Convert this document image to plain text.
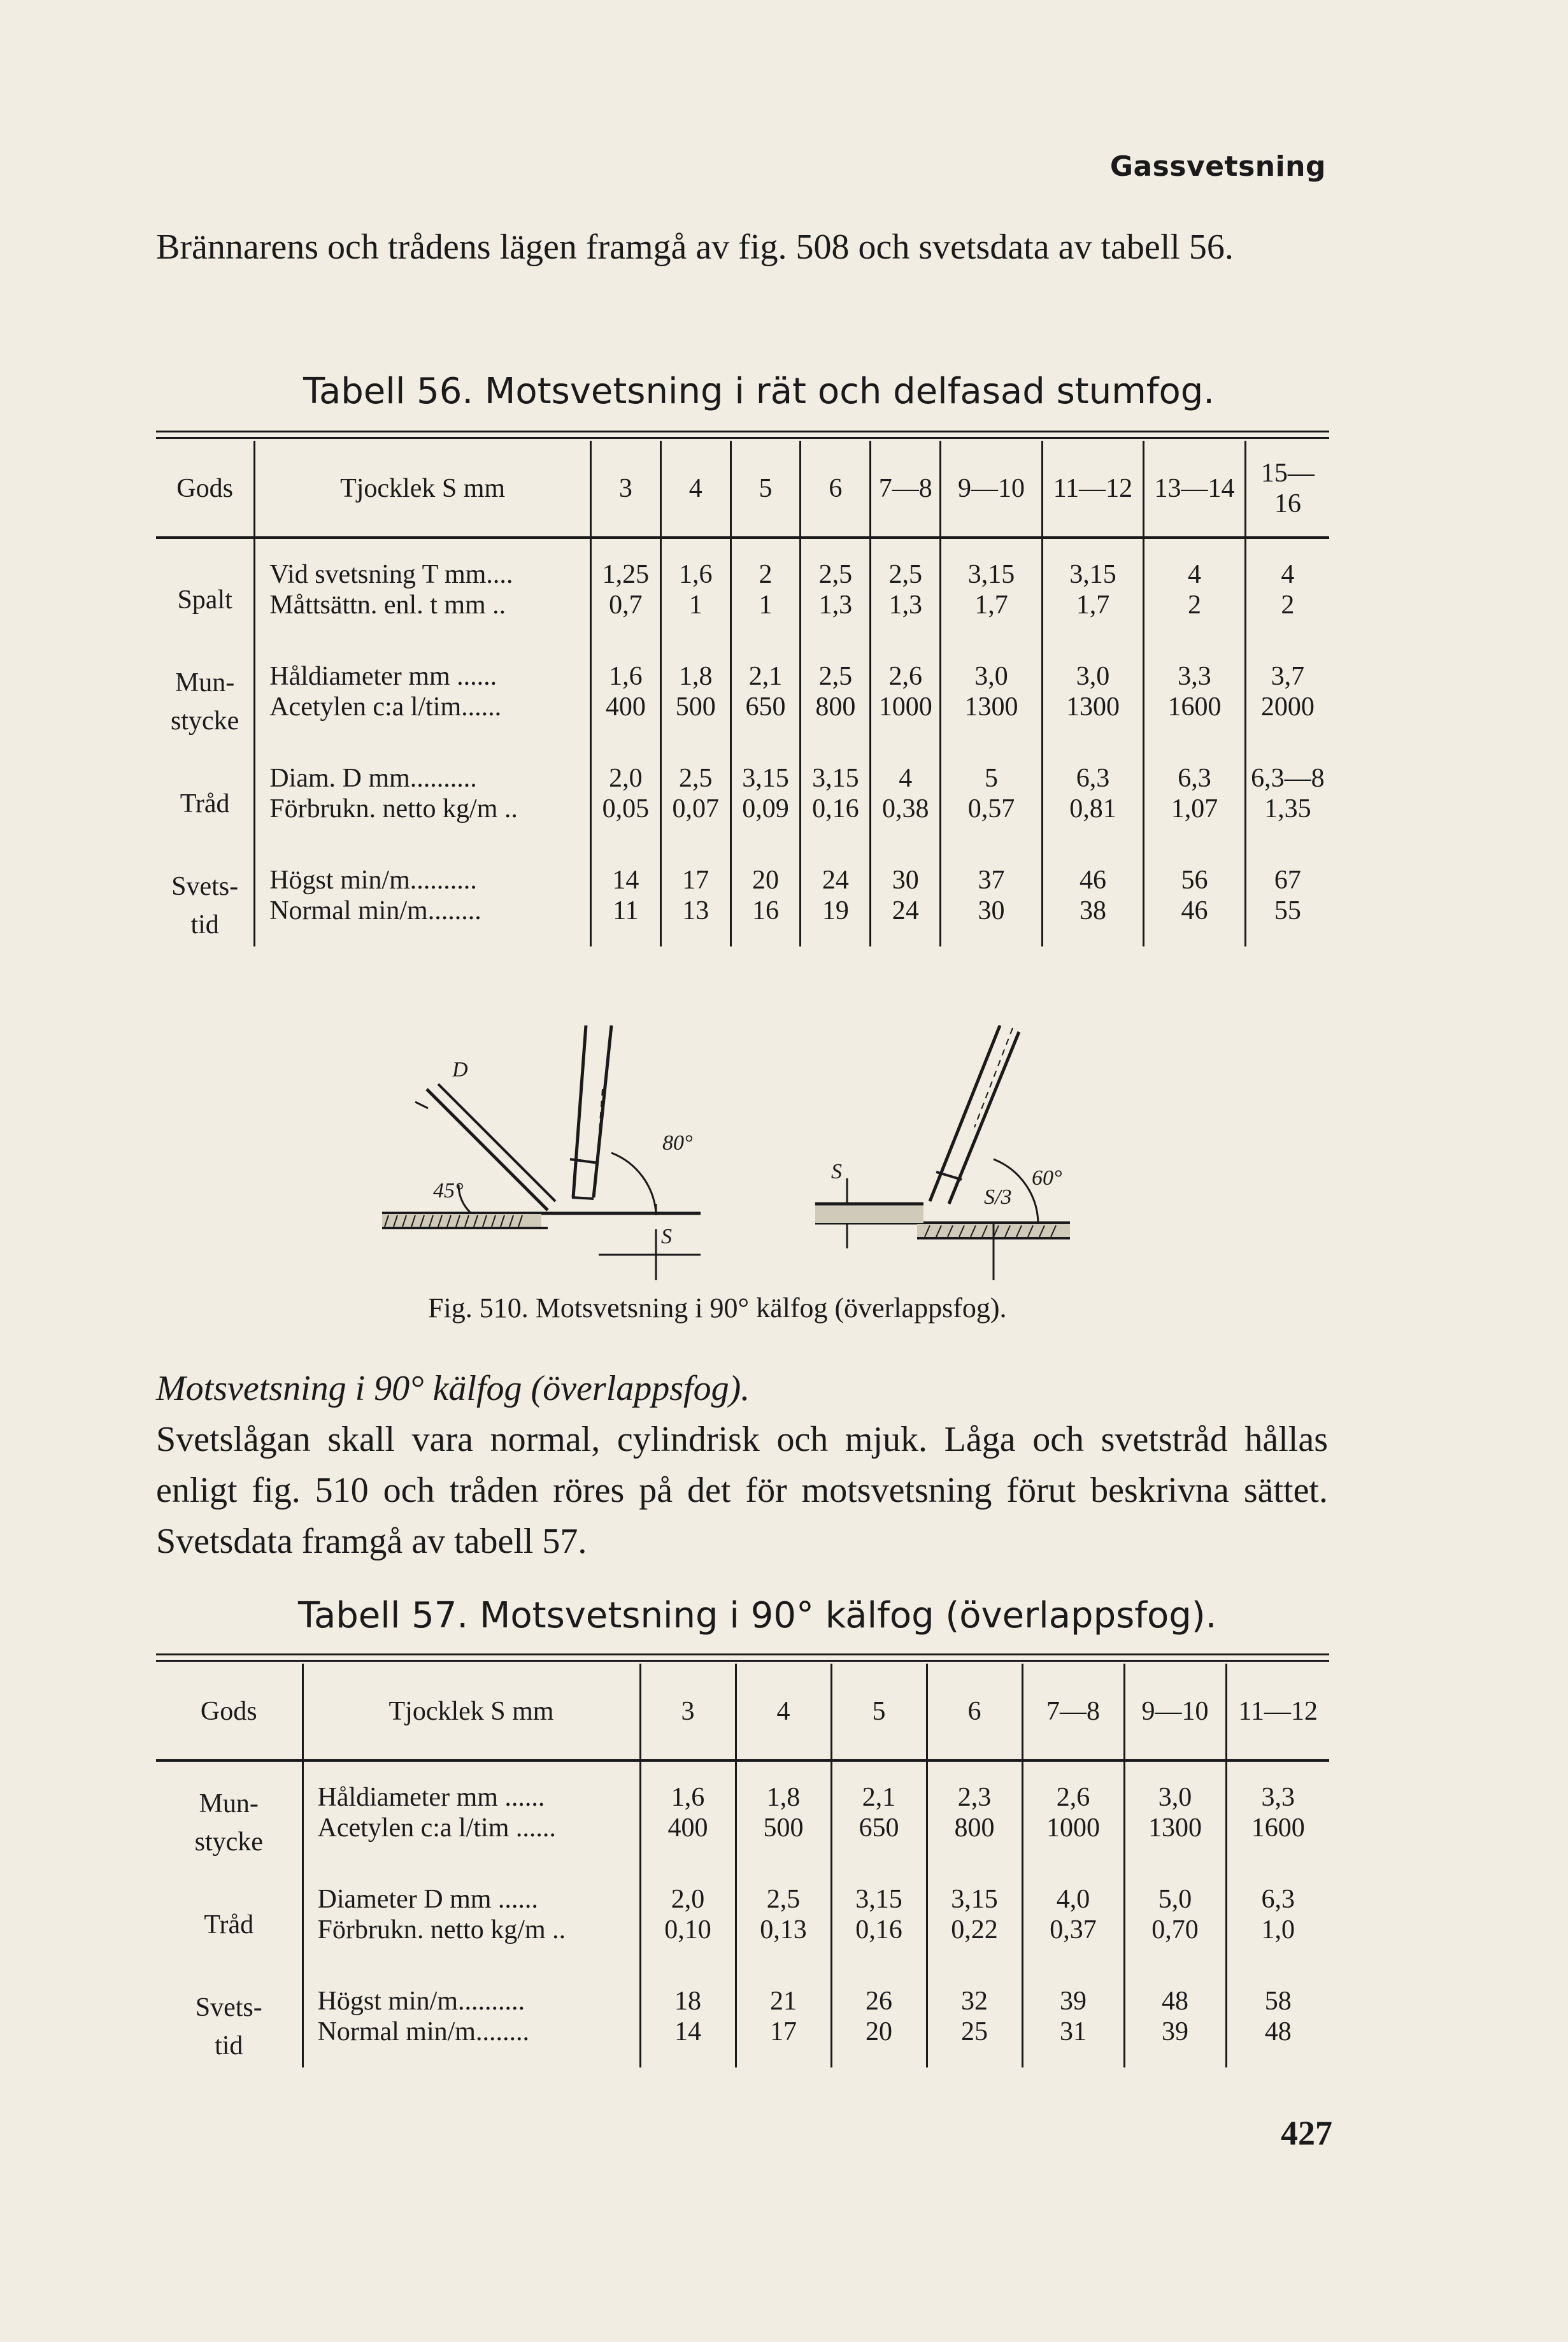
Gassvetsning
Brännarens och trådens lägen framgå av fig. 508 och svetsdata av tabell 56.
Tabell 56. Motsvetsning i rät och delfasad stumfog.
Gods	Tjocklek S mm	3	4	5	6	7—8	9—10	11—12	13—14	15—16
Spalt	Vid svetsning T mm....	1,25	1,6	2	2,5	2,5	3,15	3,15	4	4
	Måttsättn. enl. t mm ..	0,7	1	1	1,3	1,3	1,7	1,7	2	2
Mun-
stycke	Håldiameter mm ......	1,6	1,8	2,1	2,5	2,6	3,0	3,0	3,3	3,7
	Acetylen c:a l/tim......	400	500	650	800	1000	1300	1300	1600	2000
Tråd	Diam. D mm..........	2,0	2,5	3,15	3,15	4	5	6,3	6,3	6,3—8
	Förbrukn. netto kg/m ..	0,05	0,07	0,09	0,16	0,38	0,57	0,81	1,07	1,35
Svets-
tid	Högst min/m..........	14	17	20	24	30	37	46	56	67
	Normal min/m........	11	13	16	19	24	30	38	46	55
D
45°
80°
S
S
S/3
60°
Fig. 510. Motsvetsning i 90° kälfog (överlappsfog).
Motsvetsning i 90° kälfog (överlappsfog).
Svetslågan skall vara normal, cylindrisk och mjuk. Låga och svetstråd hållas enligt fig. 510 och tråden röres på det för motsvetsning förut beskrivna sättet. Svetsdata framgå av tabell 57.
Tabell 57. Motsvetsning i 90° kälfog (överlappsfog).
Gods	Tjocklek S mm	3	4	5	6	7—8	9—10	11—12
Mun-
stycke	Håldiameter mm ......	1,6	1,8	2,1	2,3	2,6	3,0	3,3
	Acetylen c:a l/tim ......	400	500	650	800	1000	1300	1600
Tråd	Diameter D mm ......	2,0	2,5	3,15	3,15	4,0	5,0	6,3
	Förbrukn. netto kg/m ..	0,10	0,13	0,16	0,22	0,37	0,70	1,0
Svets-
tid	Högst min/m..........	18	21	26	32	39	48	58
	Normal min/m........	14	17	20	25	31	39	48
427
